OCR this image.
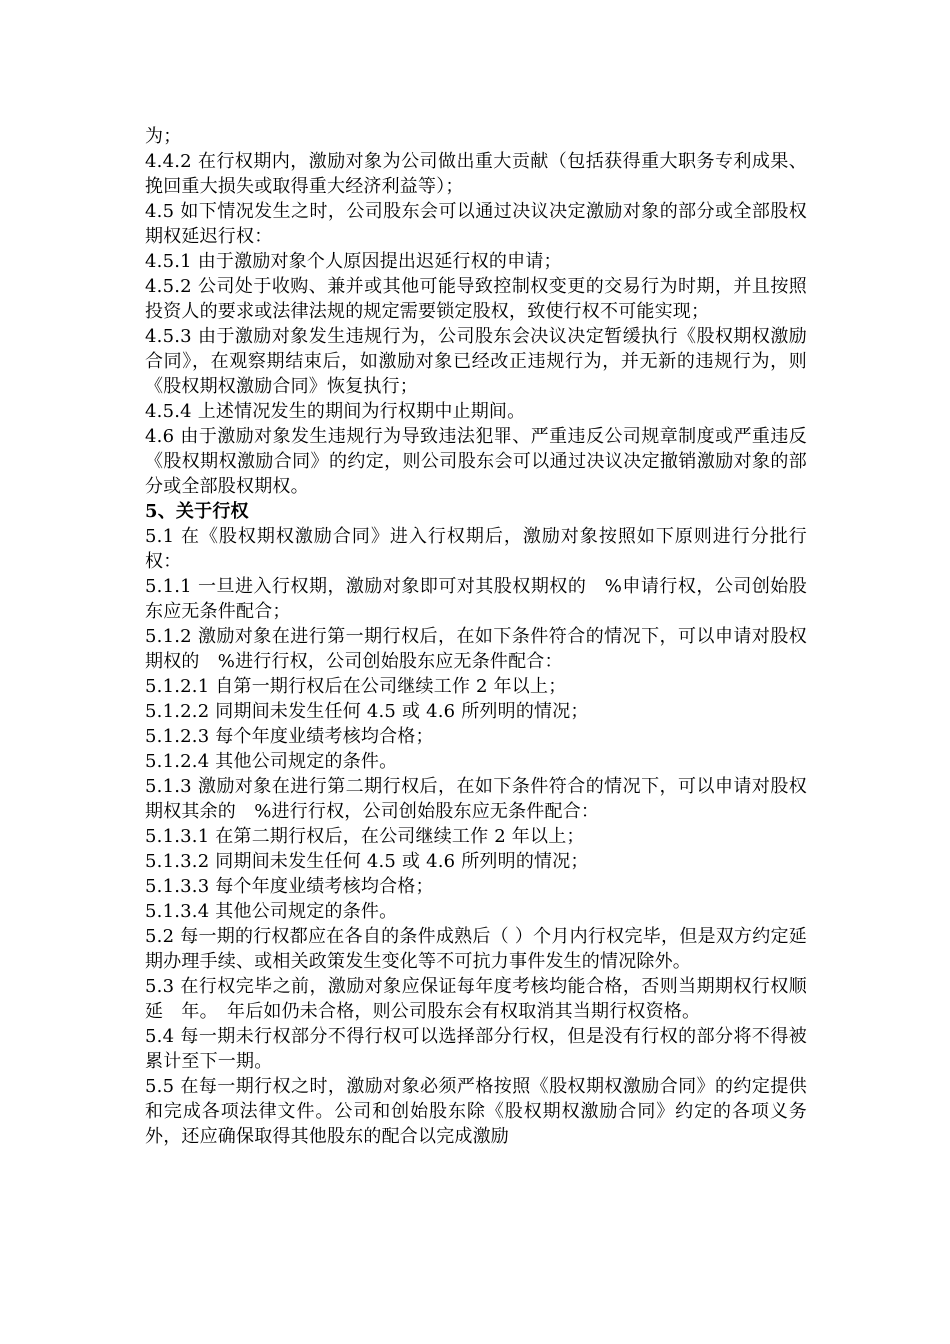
为；

4.4.2 在行权期内，激励对象为公司做出重大贡献（包括获得重大职务专利成果、挽回重大损失或取得重大经济利益等）；

4.5 如下情况发生之时，公司股东会可以通过决议决定激励对象的部分或全部股权期权延迟行权：

4.5.1 由于激励对象个人原因提出迟延行权的申请；

4.5.2 公司处于收购、兼并或其他可能导致控制权变更的交易行为时期，并且按照投资人的要求或法律法规的规定需要锁定股权，致使行权不可能实现；

4.5.3 由于激励对象发生违规行为，公司股东会决议决定暂缓执行《股权期权激励合同》，在观察期结束后，如激励对象已经改正违规行为，并无新的违规行为，则《股权期权激励合同》恢复执行；

4.5.4 上述情况发生的期间为行权期中止期间。

4.6 由于激励对象发生违规行为导致违法犯罪、严重违反公司规章制度或严重违反《股权期权激励合同》的约定，则公司股东会可以通过决议决定撤销激励对象的部分或全部股权期权。

5、关于行权

5.1 在《股权期权激励合同》进入行权期后，激励对象按照如下原则进行分批行权：

5.1.1 一旦进入行权期，激励对象即可对其股权期权的　%申请行权，公司创始股东应无条件配合；

5.1.2 激励对象在进行第一期行权后，在如下条件符合的情况下，可以申请对股权期权的　%进行行权，公司创始股东应无条件配合：

5.1.2.1 自第一期行权后在公司继续工作 2 年以上；

5.1.2.2 同期间未发生任何 4.5 或 4.6 所列明的情况；

5.1.2.3 每个年度业绩考核均合格；

5.1.2.4 其他公司规定的条件。

5.1.3 激励对象在进行第二期行权后，在如下条件符合的情况下，可以申请对股权期权其余的　%进行行权，公司创始股东应无条件配合：

5.1.3.1 在第二期行权后，在公司继续工作 2 年以上；

5.1.3.2 同期间未发生任何 4.5 或 4.6 所列明的情况；

5.1.3.3 每个年度业绩考核均合格；

5.1.3.4 其他公司规定的条件。

5.2 每一期的行权都应在各自的条件成熟后（ ）个月内行权完毕，但是双方约定延期办理手续、或相关政策发生变化等不可抗力事件发生的情况除外。

5.3 在行权完毕之前，激励对象应保证每年度考核均能合格，否则当期期权行权顺延　年。　年后如仍未合格，则公司股东会有权取消其当期行权资格。

5.4 每一期未行权部分不得行权可以选择部分行权，但是没有行权的部分将不得被累计至下一期。

5.5 在每一期行权之时，激励对象必须严格按照《股权期权激励合同》的约定提供和完成各项法律文件。公司和创始股东除《股权期权激励合同》约定的各项义务外，还应确保取得其他股东的配合以完成激励
